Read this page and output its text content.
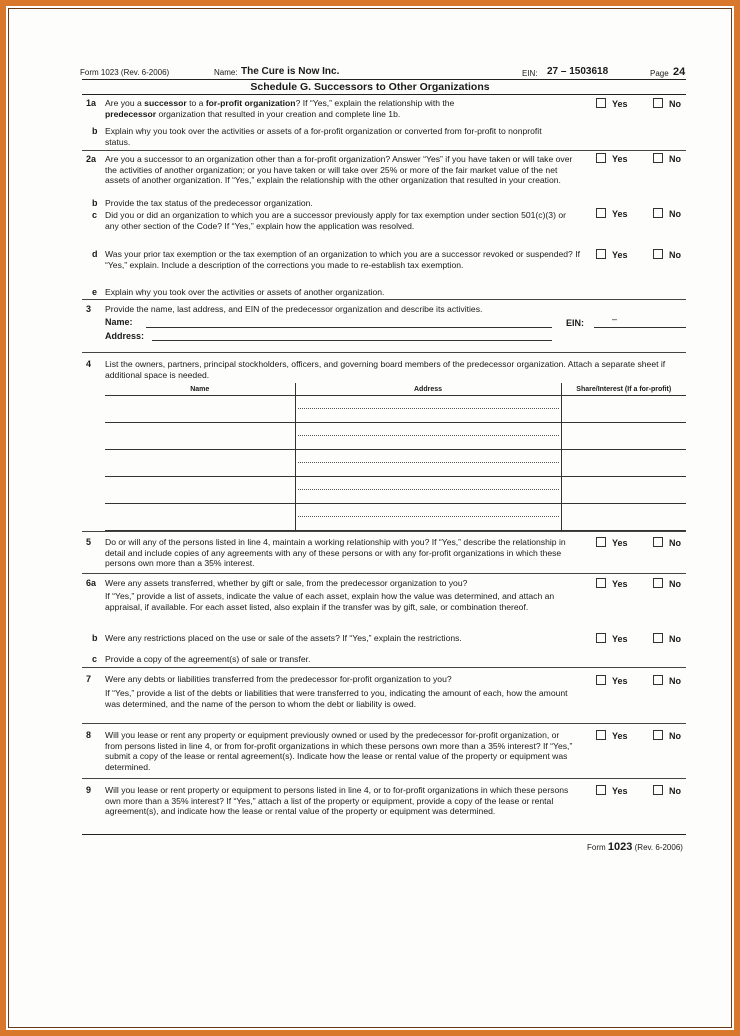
Form 1023 (Rev. 6-2006)	Name: The Cure is Now Inc.	EIN: 27 – 1503618	Page 24
Schedule G. Successors to Other Organizations
1a Are you a successor to a for-profit organization? If “Yes,” explain the relationship with the
predecessor organization that resulted in your creation and complete line 1b.
Yes	No
b Explain why you took over the activities or assets of a for-profit organization or converted from for-profit to nonprofit status.
2a Are you a successor to an organization other than a for-profit organization? Answer “Yes” if you have taken or will take over the activities of another organization; or you have taken or will take over 25% or more of the fair market value of the net assets of another organization. If “Yes,” explain the relationship with the other organization that resulted in your creation.
Yes	No
b Provide the tax status of the predecessor organization.
c Did you or did an organization to which you are a successor previously apply for tax exemption under section 501(c)(3) or any other section of the Code? If “Yes,” explain how the application was resolved.
Yes	No
d Was your prior tax exemption or the tax exemption of an organization to which you are a successor revoked or suspended? If “Yes,” explain. Include a description of the corrections you made to re-establish tax exemption.
Yes	No
e Explain why you took over the activities or assets of another organization.
3 Provide the name, last address, and EIN of the predecessor organization and describe its activities.
Name:	EIN:	–
Address:
4 List the owners, partners, principal stockholders, officers, and governing board members of the predecessor organization. Attach a separate sheet if additional space is needed.
Name	Address	Share/Interest (If a for-profit)

5 Do or will any of the persons listed in line 4, maintain a working relationship with you? If “Yes,” describe the relationship in detail and include copies of any agreements with any of these persons or with any for-profit organizations in which these persons own more than a 35% interest.
Yes	No
6a Were any assets transferred, whether by gift or sale, from the predecessor organization to you?
If “Yes,” provide a list of assets, indicate the value of each asset, explain how the value was determined, and attach an appraisal, if available. For each asset listed, also explain if the transfer was by gift, sale, or combination thereof.
Yes	No
b Were any restrictions placed on the use or sale of the assets? If “Yes,” explain the restrictions.	Yes	No
c Provide a copy of the agreement(s) of sale or transfer.
7 Were any debts or liabilities transferred from the predecessor for-profit organization to you?
If “Yes,” provide a list of the debts or liabilities that were transferred to you, indicating the amount of each, how the amount was determined, and the name of the person to whom the debt or liability is owed.
Yes	No
8 Will you lease or rent any property or equipment previously owned or used by the predecessor for-profit organization, or from persons listed in line 4, or from for-profit organizations in which these persons own more than a 35% interest? If “Yes,” submit a copy of the lease or rental agreement(s). Indicate how the lease or rental value of the property or equipment was determined.
Yes	No
9 Will you lease or rent property or equipment to persons listed in line 4, or to for-profit organizations in which these persons own more than a 35% interest? If “Yes,” attach a list of the property or equipment, provide a copy of the lease or rental agreement(s), and indicate how the lease or rental value of the property or equipment was determined.
Yes	No
Form 1023 (Rev. 6-2006)
